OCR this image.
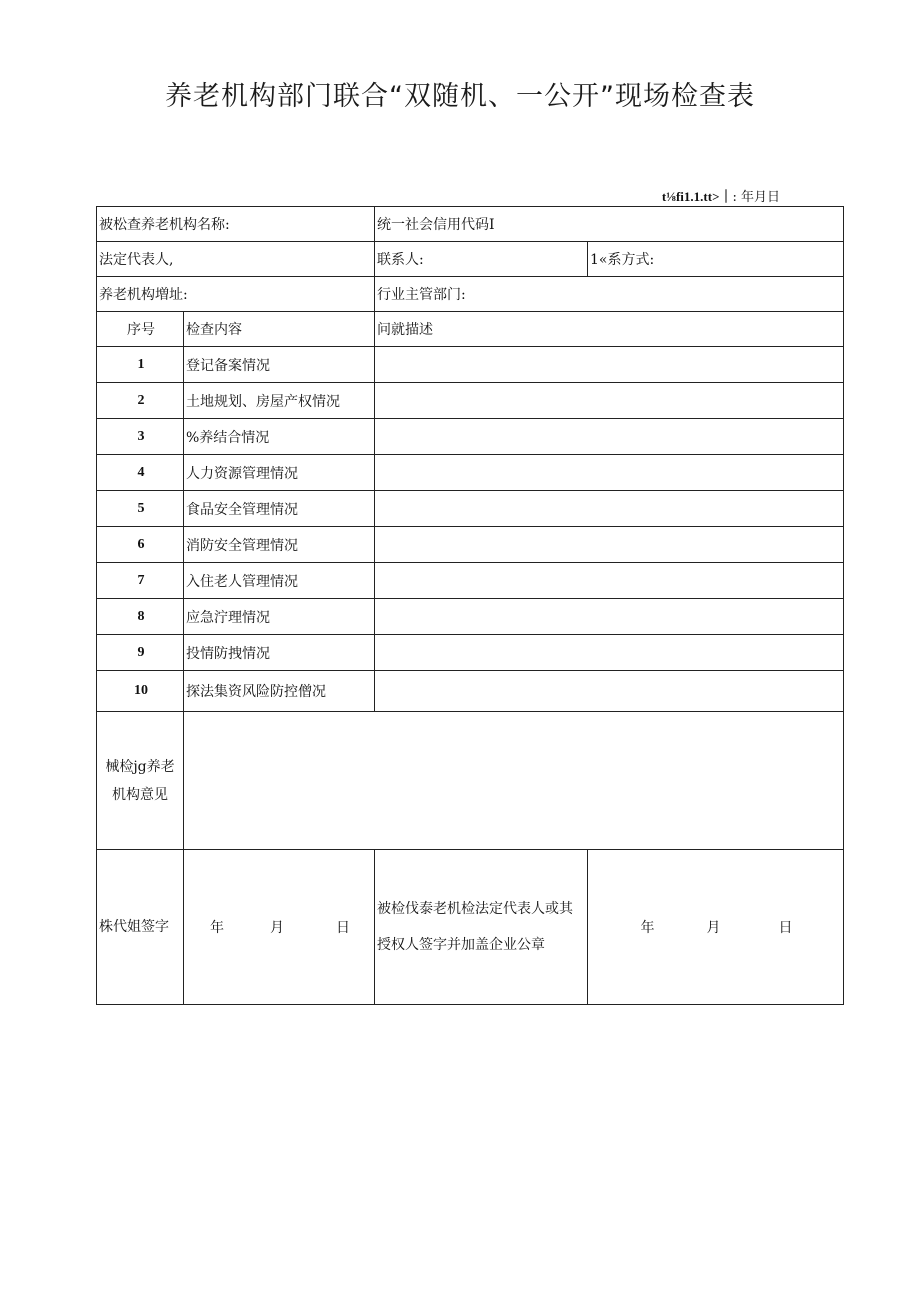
养老机构部门联合“双随机、一公开”现场检查表
t⅛fi1.1.tt>｜: 年月日
被松查养老机构名称:		统一社会信用代码I	
法定代表人,		联系人:	1«系方式:
养老机构増址:		行业主管部门:	
序号	检查内容	问就描述	
1	登记备案情况		
2	土地规划、房屋产权情况		
3	%养结合情况		
4	人力资源管理情况		
5	食品安全管理情况		
6	消防安全管理情况		
7	入住老人管理情况		
8	应急泞理情况		
9	投情防拽情况		
10	探法集资风险防控僧况		
械检jg养老机构意见			
株代姐签字	年 月 日	被检伐泰老机检法定代表人或其授权人签字并加盖企业公章	年 月 日
